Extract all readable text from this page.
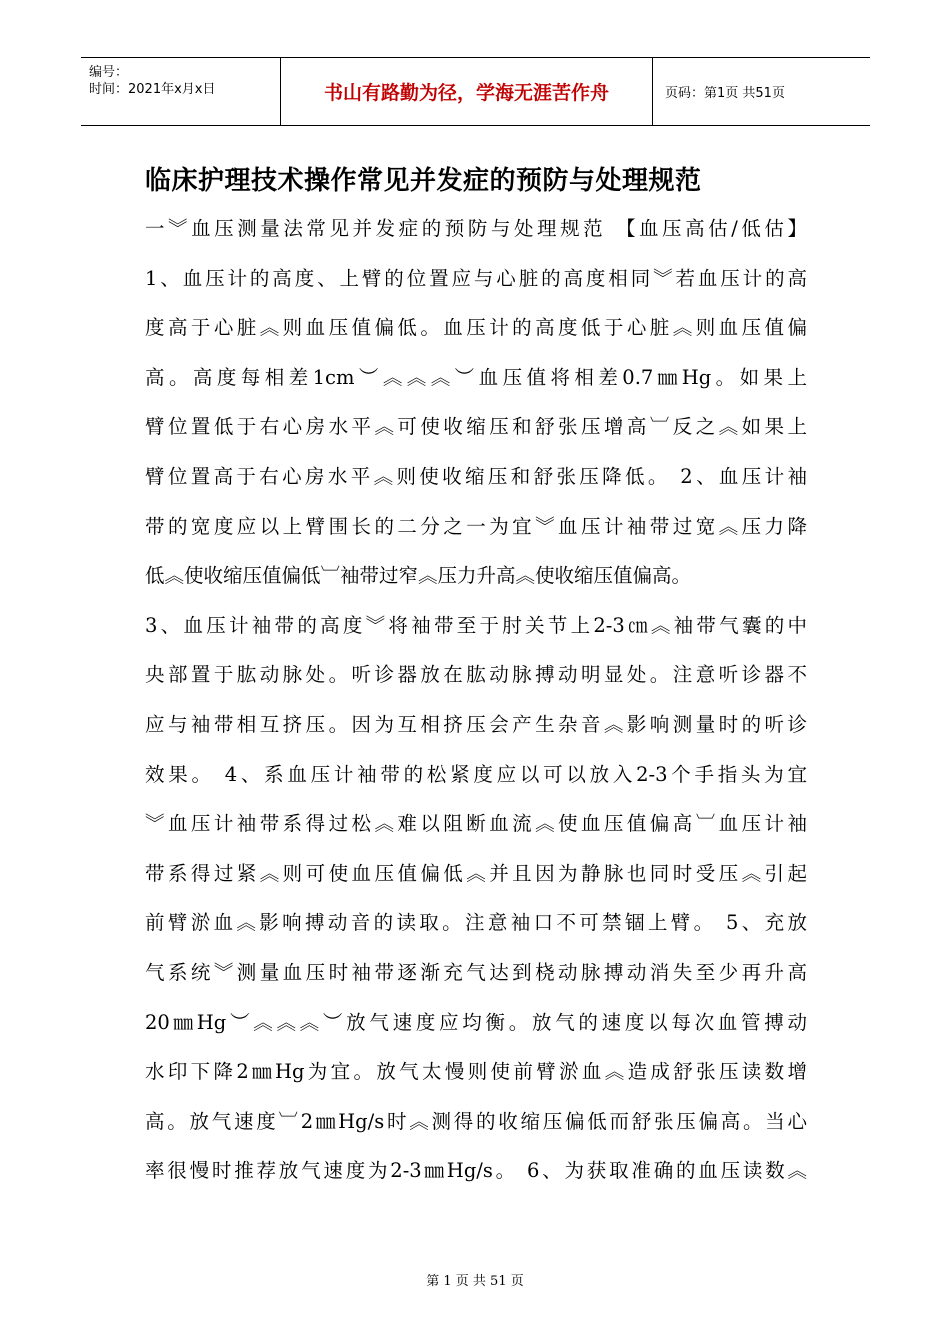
编号：
时间：2021年x月x日	书山有路勤为径，学海无涯苦作舟	页码：第1页 共51页
临床护理技术操作常见并发症的预防与处理规范
一︾血压测量法常见并发症的预防与处理规范 【血压高估/低估】
1、血压计的高度、上臂的位置应与心脏的高度相同︾若血压计的高
度高于心脏︽则血压值偏低。血压计的高度低于心脏︽则血压值偏
高。高度每相差1cm︶︽︽︽︶血压值将相差0.7㎜Hg。如果上
臂位置低于右心房水平︽可使收缩压和舒张压增高︺反之︽如果上
臂位置高于右心房水平︽则使收缩压和舒张压降低。 2、血压计袖
带的宽度应以上臂围长的二分之一为宜︾血压计袖带过宽︽压力降
低︽使收缩压值偏低︺袖带过窄︽压力升高︽使收缩压值偏高。
3、血压计袖带的高度︾将袖带至于肘关节上2-3㎝︽袖带气囊的中
央部置于肱动脉处。听诊器放在肱动脉搏动明显处。注意听诊器不
应与袖带相互挤压。因为互相挤压会产生杂音︽影响测量时的听诊
效果。 4、系血压计袖带的松紧度应以可以放入2-3个手指头为宜
︾血压计袖带系得过松︽难以阻断血流︽使血压值偏高︺血压计袖
带系得过紧︽则可使血压值偏低︽并且因为静脉也同时受压︽引起
前臂淤血︽影响搏动音的读取。注意袖口不可禁锢上臂。 5、充放
气系统︾测量血压时袖带逐渐充气达到桡动脉搏动消失至少再升高
20㎜Hg︶︽︽︽︶放气速度应均衡。放气的速度以每次血管搏动
水印下降2㎜Hg为宜。放气太慢则使前臂淤血︽造成舒张压读数增
高。放气速度︺2㎜Hg/s时︽测得的收缩压偏低而舒张压偏高。当心
率很慢时推荐放气速度为2-3㎜Hg/s。 6、为获取准确的血压读数︽
第 1 页 共 51 页
